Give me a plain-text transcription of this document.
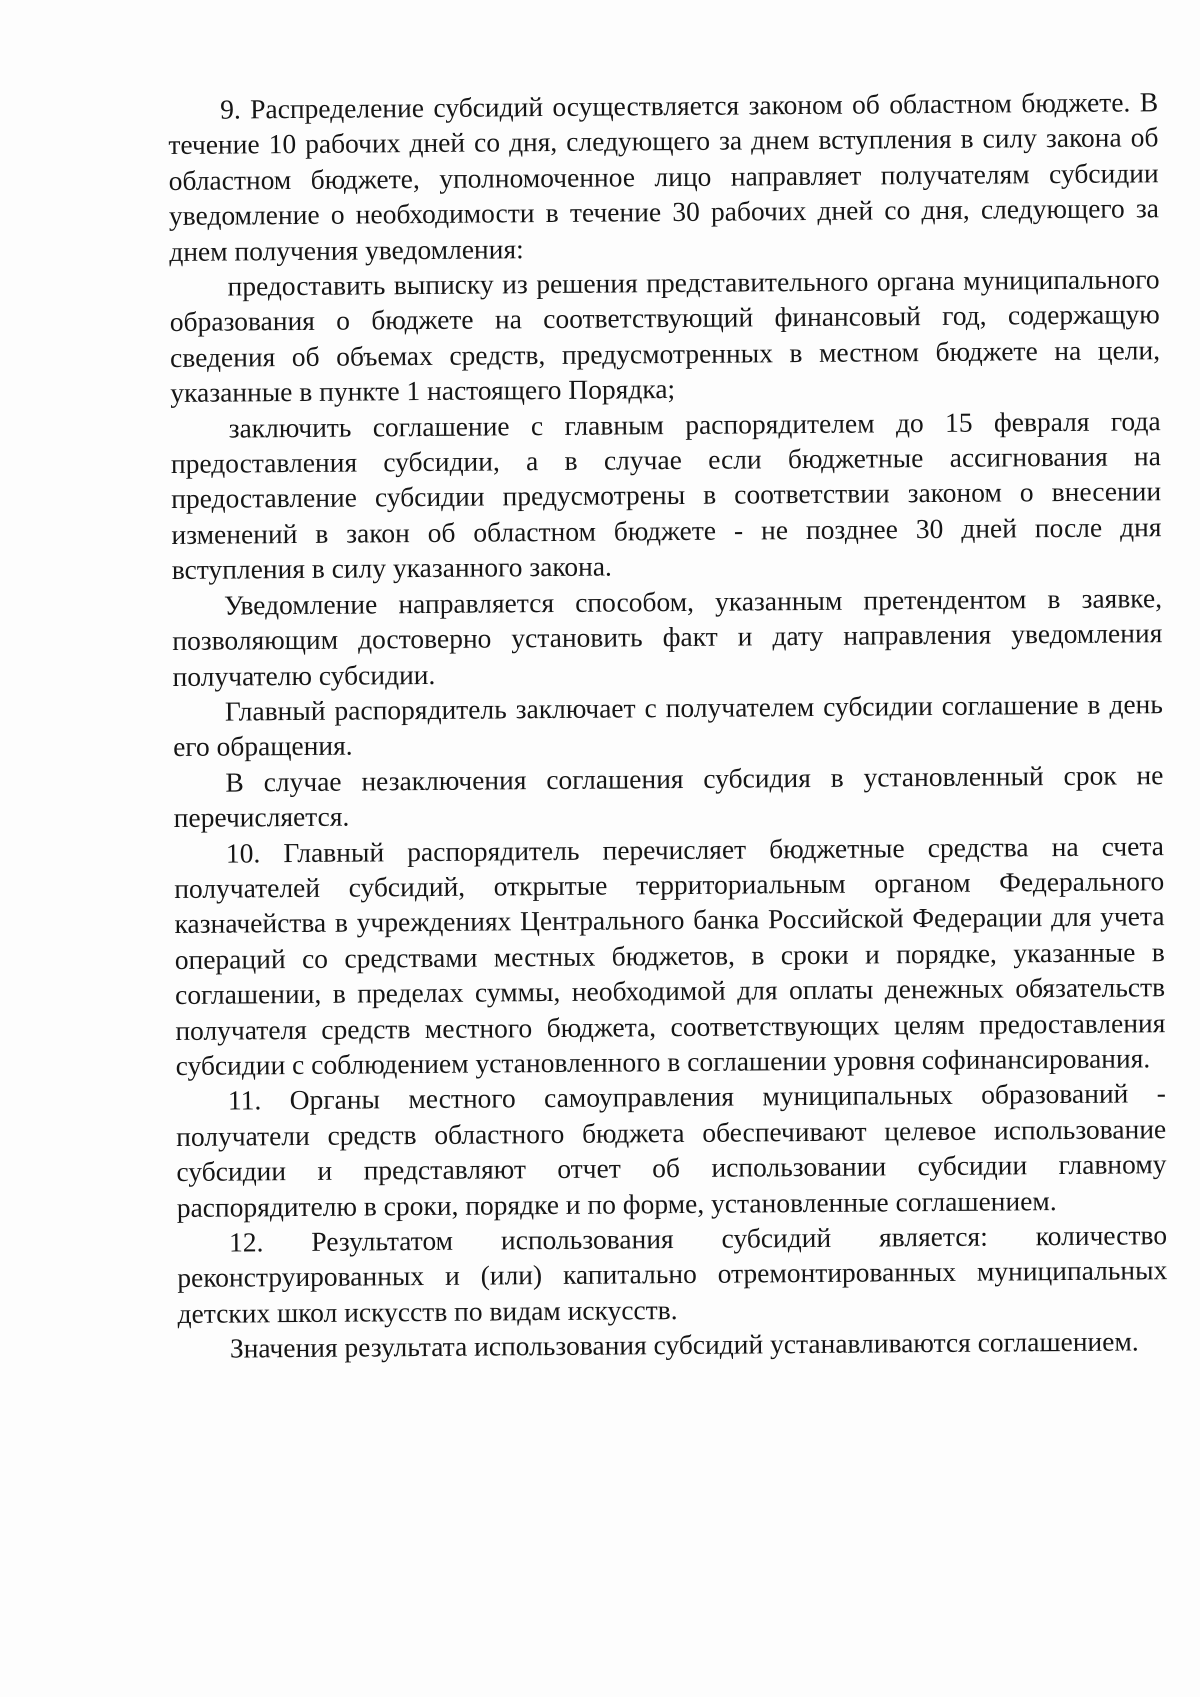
9. Распределение субсидий осуществляется законом об областном бюджете. В течение 10 рабочих дней со дня, следующего за днем вступления в силу закона об областном бюджете, уполномоченное лицо направляет получателям субсидии уведомление о необходимости в течение 30 рабочих дней со дня, следующего за днем получения уведомления:

предоставить выписку из решения представительного органа муниципального образования о бюджете на соответствующий финансовый год, содержащую сведения об объемах средств, предусмотренных в местном бюджете на цели, указанные в пункте 1 настоящего Порядка;

заключить соглашение с главным распорядителем до 15 февраля года предоставления субсидии, а в случае если бюджетные ассигнования на предоставление субсидии предусмотрены в соответствии законом о внесении изменений в закон об областном бюджете - не позднее 30 дней после дня вступления в силу указанного закона.

Уведомление направляется способом, указанным претендентом в заявке, позволяющим достоверно установить факт и дату направления уведомления получателю субсидии.

Главный распорядитель заключает с получателем субсидии соглашение в день его обращения.

В случае незаключения соглашения субсидия в установленный срок не перечисляется.

10. Главный распорядитель перечисляет бюджетные средства на счета получателей субсидий, открытые территориальным органом Федерального казначейства в учреждениях Центрального банка Российской Федерации для учета операций со средствами местных бюджетов, в сроки и порядке, указанные в соглашении, в пределах суммы, необходимой для оплаты денежных обязательств получателя средств местного бюджета, соответствующих целям предоставления субсидии с соблюдением установленного в соглашении уровня софинансирования.

11. Органы местного самоуправления муниципальных образований - получатели средств областного бюджета обеспечивают целевое использование субсидии и представляют отчет об использовании субсидии главному распорядителю в сроки, порядке и по форме, установленные соглашением.

12. Результатом использования субсидий является: количество реконструированных и (или) капитально отремонтированных муниципальных детских школ искусств по видам искусств.

Значения результата использования субсидий устанавливаются соглашением.
